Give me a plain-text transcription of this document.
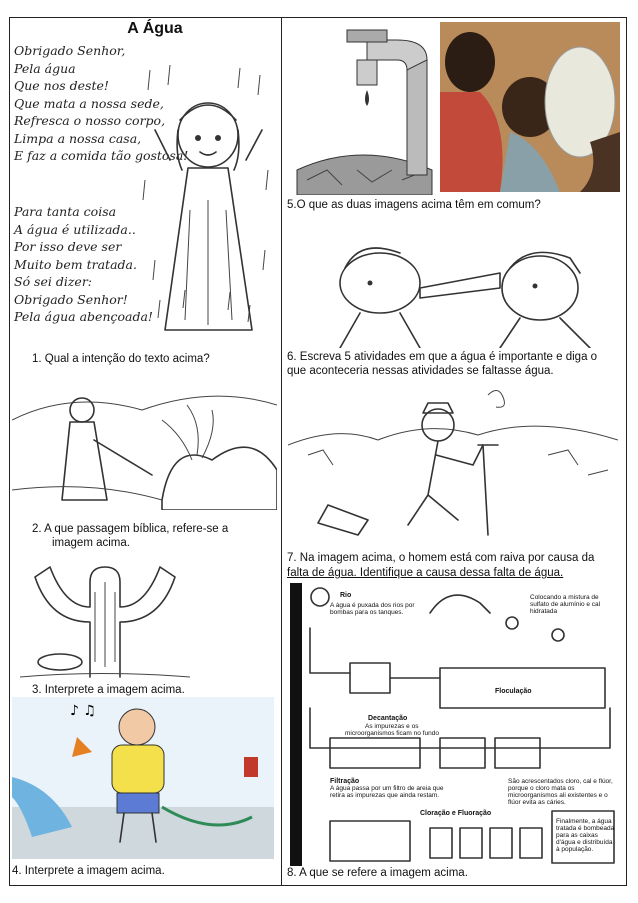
A Água
Obrigado Senhor,
Pela água
Que nos deste!
Que mata a nossa sede,
Refresca o nosso corpo,
Limpa a nossa casa,
E faz a comida tão gostosa!
Para tanta coisa
A água é utilizada..
Por isso deve ser
Muito bem tratada.
Só sei dizer:
Obrigado Senhor!
Pela água abençoada!
1. Qual a intenção do texto acima?
2. A que passagem bíblica, refere-se a
imagem acima.
3. Interprete a imagem acima.
♪ ♫
4. Interprete a imagem acima.
5.O que as duas imagens acima têm em comum?
6. Escreva 5 atividades em que a água é importante e diga o
que aconteceria nessas atividades se faltasse água.
7. Na imagem acima, o homem está com raiva por causa da
falta de água. Identifique a causa dessa falta de água.
Rio
A água é puxada dos rios por
bombas para os tanques.
Colocando a mistura de
sulfato de alumínio e cal
hidratada
Floculação
Decantação
As impurezas e os
microorganismos ficam no fundo
Filtração
A água passa por um filtro de areia que
retira as impurezas que ainda restam.
São acrescentados cloro, cal e flúor,
porque o cloro mata os
microorganismos ali existentes e o
flúor evita as cáries.
Cloração e Fluoração
Finalmente, a água
tratada é bombeada
para as caixas
d'água e distribuída
à população.
8. A que se refere a imagem acima.
